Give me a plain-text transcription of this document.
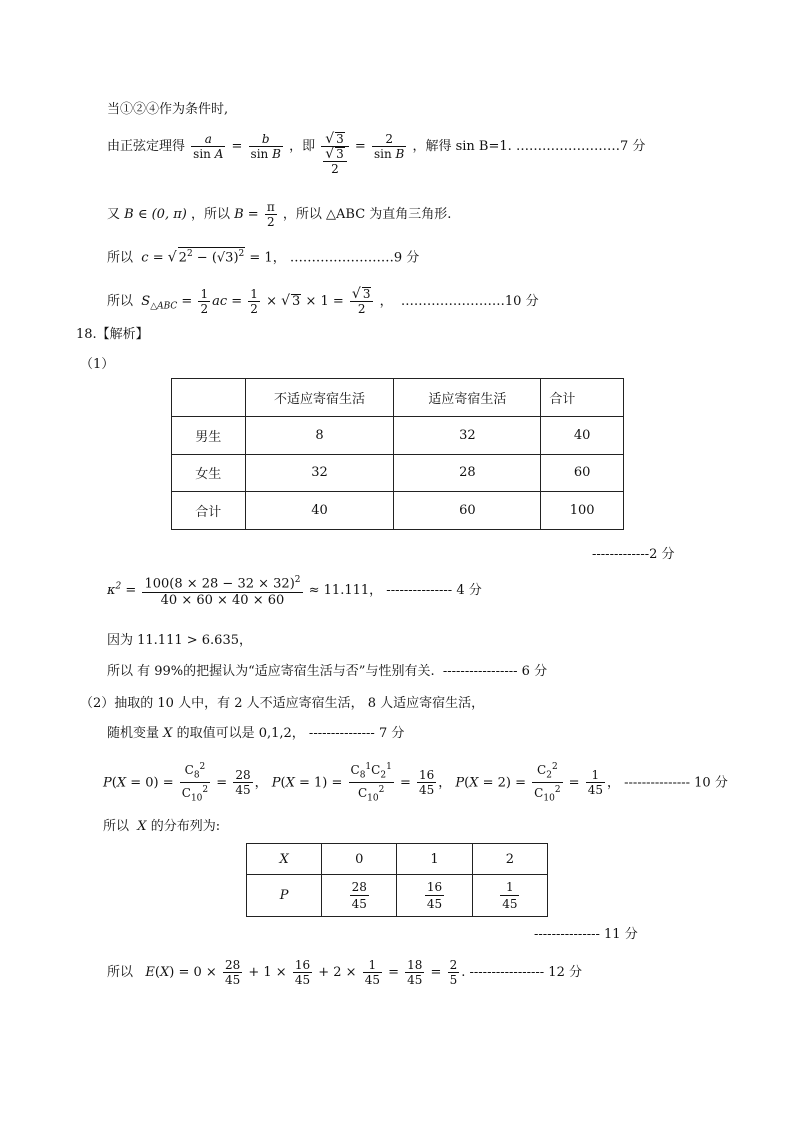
当①②④作为条件时,
由正弦定理得 $\frac{a}{\text{sin A}} = \frac{b}{\text{sin B}}$ ，即 $\frac{√ 3}{\frac{√ 3}{2}} = \frac{2}{\text{sin B}}$ ，解得 sin B=1. ……………………7 分
又 B ∈ (0, π) ，所以 $B = \frac{\pi}{2}$ ，所以 △ABC 为直角三角形.
所以 c = √ $2^2 - (√3)^2 = 1$， ……………………9 分
所以 $S_{\triangle ABC} = \frac{1}{2}$ ac = $\frac{1}{2}$ × √ $3 \times 1 = \frac{√ 3}{2}$ ， ……………………10 分
18.【解析】
（1）
	不适应寄宿生活	适应寄宿生活	合计
男生	8	32	40
女生	32	28	60
合计	40	60	100
-------------2 分
$\kappa^2 = \frac{100(8 \times 28 - 32 \times 32)^2}{40 \times 60 \times 40 \times 60} \approx 11.111$， --------------- 4 分
因为 11.111 > 6.635，
所以 有 99%的把握认为“适应寄宿生活与否”与性别有关. ----------------- 6 分
（2）抽取的 10 人中，有 2 人不适应寄宿生活， 8 人适应寄宿生活，
随机变量 X 的取值可以是 0,1,2， --------------- 7 分
$P(X = 0) = \frac{C_8^2}{C_{10}^2} = \frac{28}{45}$ ， $P(X = 1) = \frac{C_8^1C_2^1}{C_{10}^2} = \frac{16}{45}$ ， $P(X = 2) = \frac{C_2^2}{C_{10}^2} = \frac{1}{45}$ ， --------------- 10 分
所以 X 的分布列为:
X	0	1	2
P	$\frac{28}{45}$	$\frac{16}{45}$	$\frac{1}{45}$
--------------- 11 分
所以 $E(X) = 0 \times \frac{28}{45} + 1 \times \frac{16}{45} + 2 \times \frac{1}{45} = \frac{18}{45} = \frac{2}{5}$ . ----------------- 12 分
